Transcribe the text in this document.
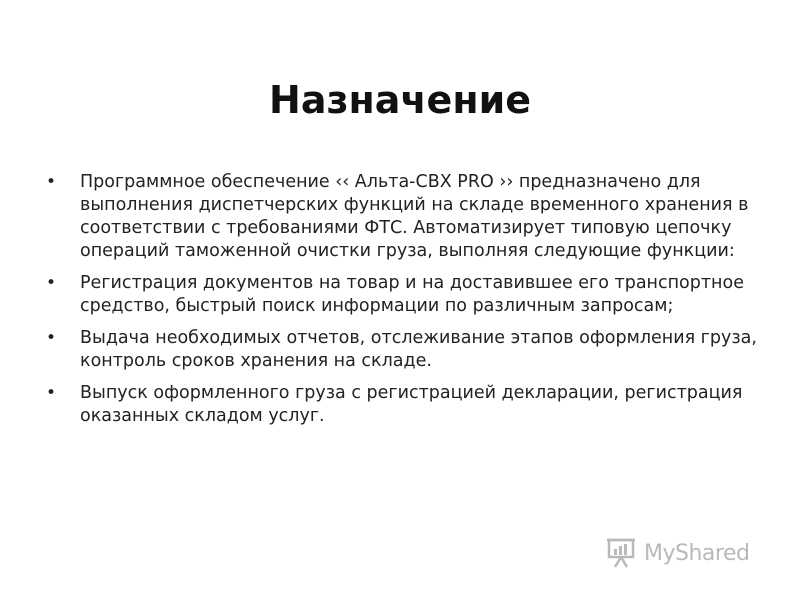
Назначение
•	Программное обеспечение ‹‹ Альта-СВХ PRO ›› предназначено для выполнения диспетчерских функций на складе временного хранения в соответствии с требованиями ФТС. Автоматизирует типовую цепочку операций таможенной очистки груза, выполняя следующие функции:
•	Регистрация документов на товар и на доставившее его транспортное средство, быстрый поиск информации по различным запросам;
•	Выдача необходимых отчетов, отслеживание этапов оформления груза, контроль сроков хранения на складе.
•	Выпуск оформленного груза с регистрацией декларации, регистрация оказанных складом услуг.
MyShared
